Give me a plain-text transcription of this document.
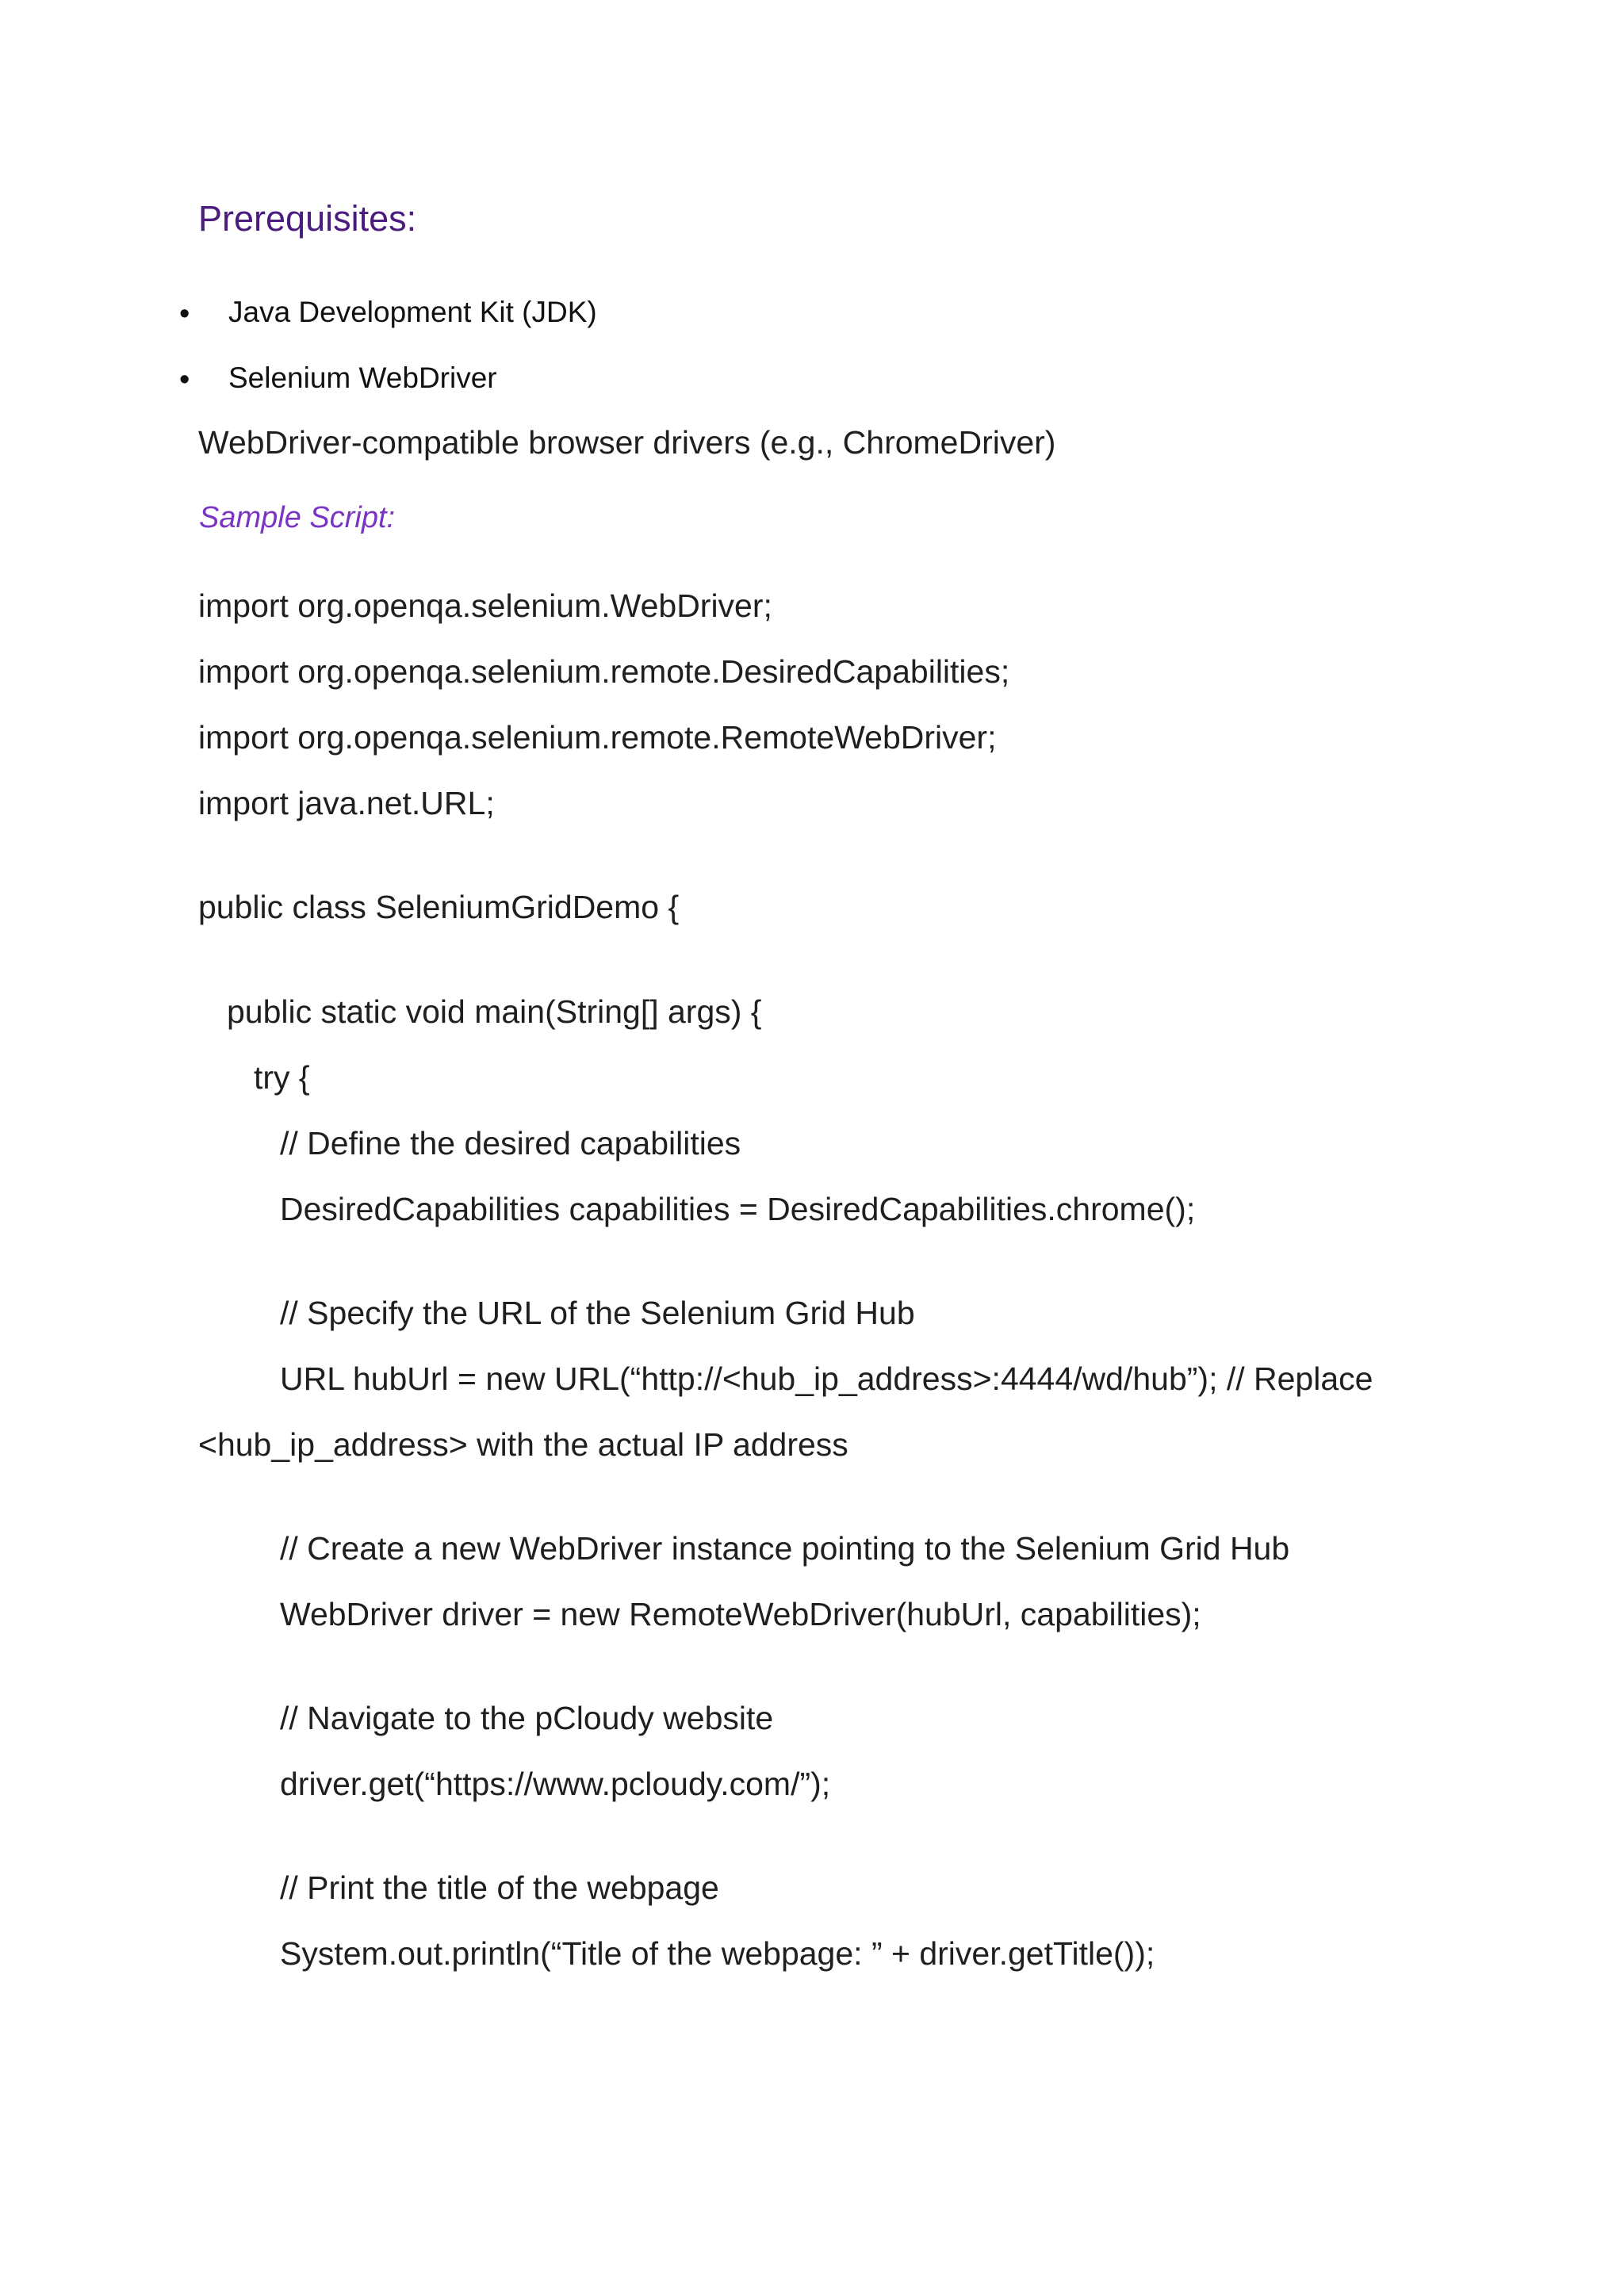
Prerequisites:
• Java Development Kit (JDK)
• Selenium WebDriver
WebDriver-compatible browser drivers (e.g., ChromeDriver)
Sample Script:
import org.openqa.selenium.WebDriver;
import org.openqa.selenium.remote.DesiredCapabilities;
import org.openqa.selenium.remote.RemoteWebDriver;
import java.net.URL;
public class SeleniumGridDemo {
public static void main(String[] args) {
try {
// Define the desired capabilities
DesiredCapabilities capabilities = DesiredCapabilities.chrome();
// Specify the URL of the Selenium Grid Hub
URL hubUrl = new URL(“http://<hub_ip_address>:4444/wd/hub”); // Replace
<hub_ip_address> with the actual IP address
// Create a new WebDriver instance pointing to the Selenium Grid Hub
WebDriver driver = new RemoteWebDriver(hubUrl, capabilities);
// Navigate to the pCloudy website
driver.get(“https://www.pcloudy.com/”);
// Print the title of the webpage
System.out.println(“Title of the webpage: ” + driver.getTitle());
